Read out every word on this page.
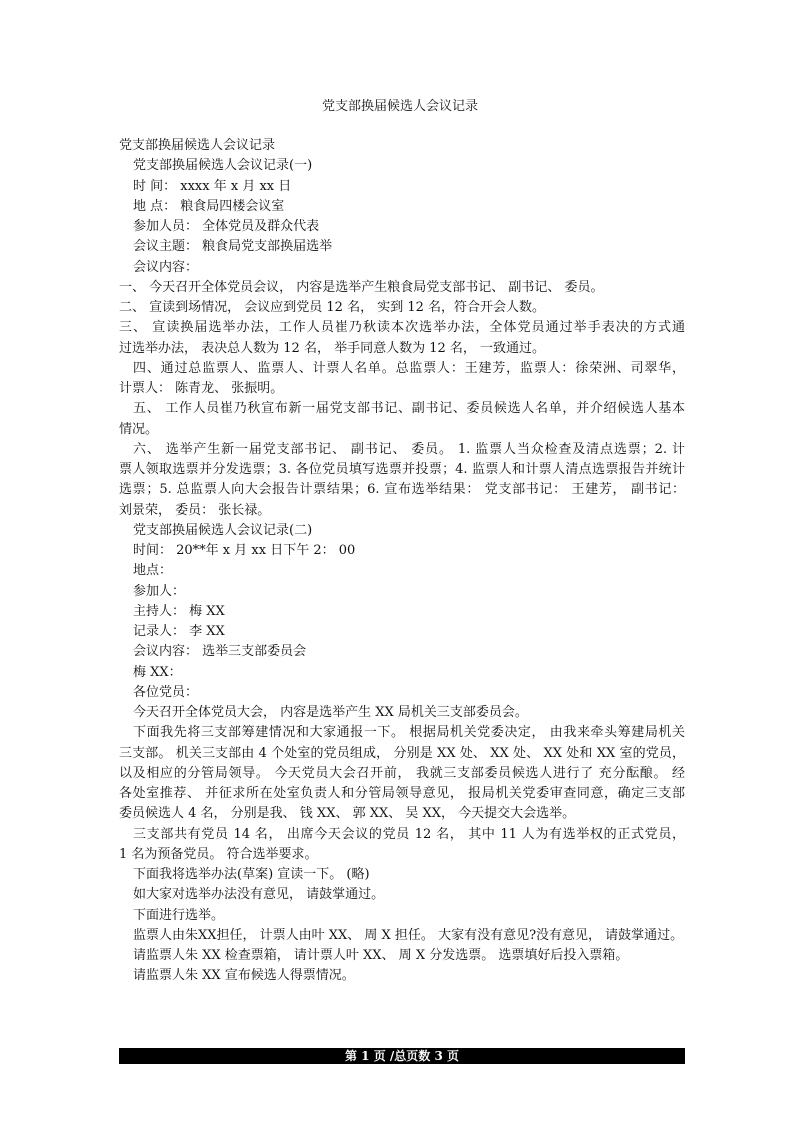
党支部换届候选人会议记录
党支部换届候选人会议记录
党支部换届候选人会议记录(一)
时 间： xxxx 年 x 月 xx 日
地 点： 粮食局四楼会议室
参加人员： 全体党员及群众代表
会议主题： 粮食局党支部换届选举
会议内容：
一、 今天召开全体党员会议， 内容是选举产生粮食局党支部书记、 副书记、 委员。
二、 宣读到场情况， 会议应到党员 12 名， 实到 12 名，符合开会人数。
三、 宣读换届选举办法，工作人员崔乃秋读本次选举办法，全体党员通过举手表决的方式通
过选举办法， 表决总人数为 12 名， 举手同意人数为 12 名， 一致通过。
四、通过总监票人、监票人、计票人名单。总监票人：王建芳，监票人：徐荣洲、司翠华，
计票人： 陈青龙、 张振明。
五、 工作人员崔乃秋宣布新一届党支部书记、副书记、委员候选人名单，并介绍候选人基本
情况。
六、 选举产生新一届党支部书记、 副书记、 委员。 1. 监票人当众检查及清点选票；2. 计
票人领取选票并分发选票；3. 各位党员填写选票并投票；4. 监票人和计票人清点选票报告并统计
选票；5. 总监票人向大会报告计票结果；6. 宣布选举结果： 党支部书记： 王建芳， 副书记：
刘景荣， 委员： 张长禄。
党支部换届候选人会议记录(二)
时间： 20**年 x 月 xx 日下午 2： 00
地点：
参加人：
主持人： 梅 XX
记录人： 李 XX
会议内容： 选举三支部委员会
梅 XX：
各位党员：
今天召开全体党员大会， 内容是选举产生 XX 局机关三支部委员会。
下面我先将三支部筹建情况和大家通报一下。 根据局机关党委决定， 由我来牵头筹建局机关
三支部。 机关三支部由 4 个处室的党员组成， 分别是 XX 处、 XX 处、 XX 处和 XX 室的党员，
以及相应的分管局领导。 今天党员大会召开前， 我就三支部委员候选人进行了 充分酝酿。 经
各处室推荐、 并征求所在处室负责人和分管局领导意见， 报局机关党委审查同意，确定三支部
委员候选人 4 名， 分别是我、 钱 XX、 郭 XX、 吴 XX， 今天提交大会选举。
三支部共有党员 14 名， 出席今天会议的党员 12 名， 其中 11 人为有选举权的正式党员，
1 名为预备党员。 符合选举要求。
下面我将选举办法(草案) 宣读一下。 (略)
如大家对选举办法没有意见， 请鼓掌通过。
下面进行选举。
监票人由朱XX担任， 计票人由叶 XX、 周 X 担任。 大家有没有意见?没有意见， 请鼓掌通过。
请监票人朱 XX 检查票箱， 请计票人叶 XX、 周 X 分发选票。 选票填好后投入票箱。
请监票人朱 XX 宣布候选人得票情况。
第 1 页 /总页数 3 页
